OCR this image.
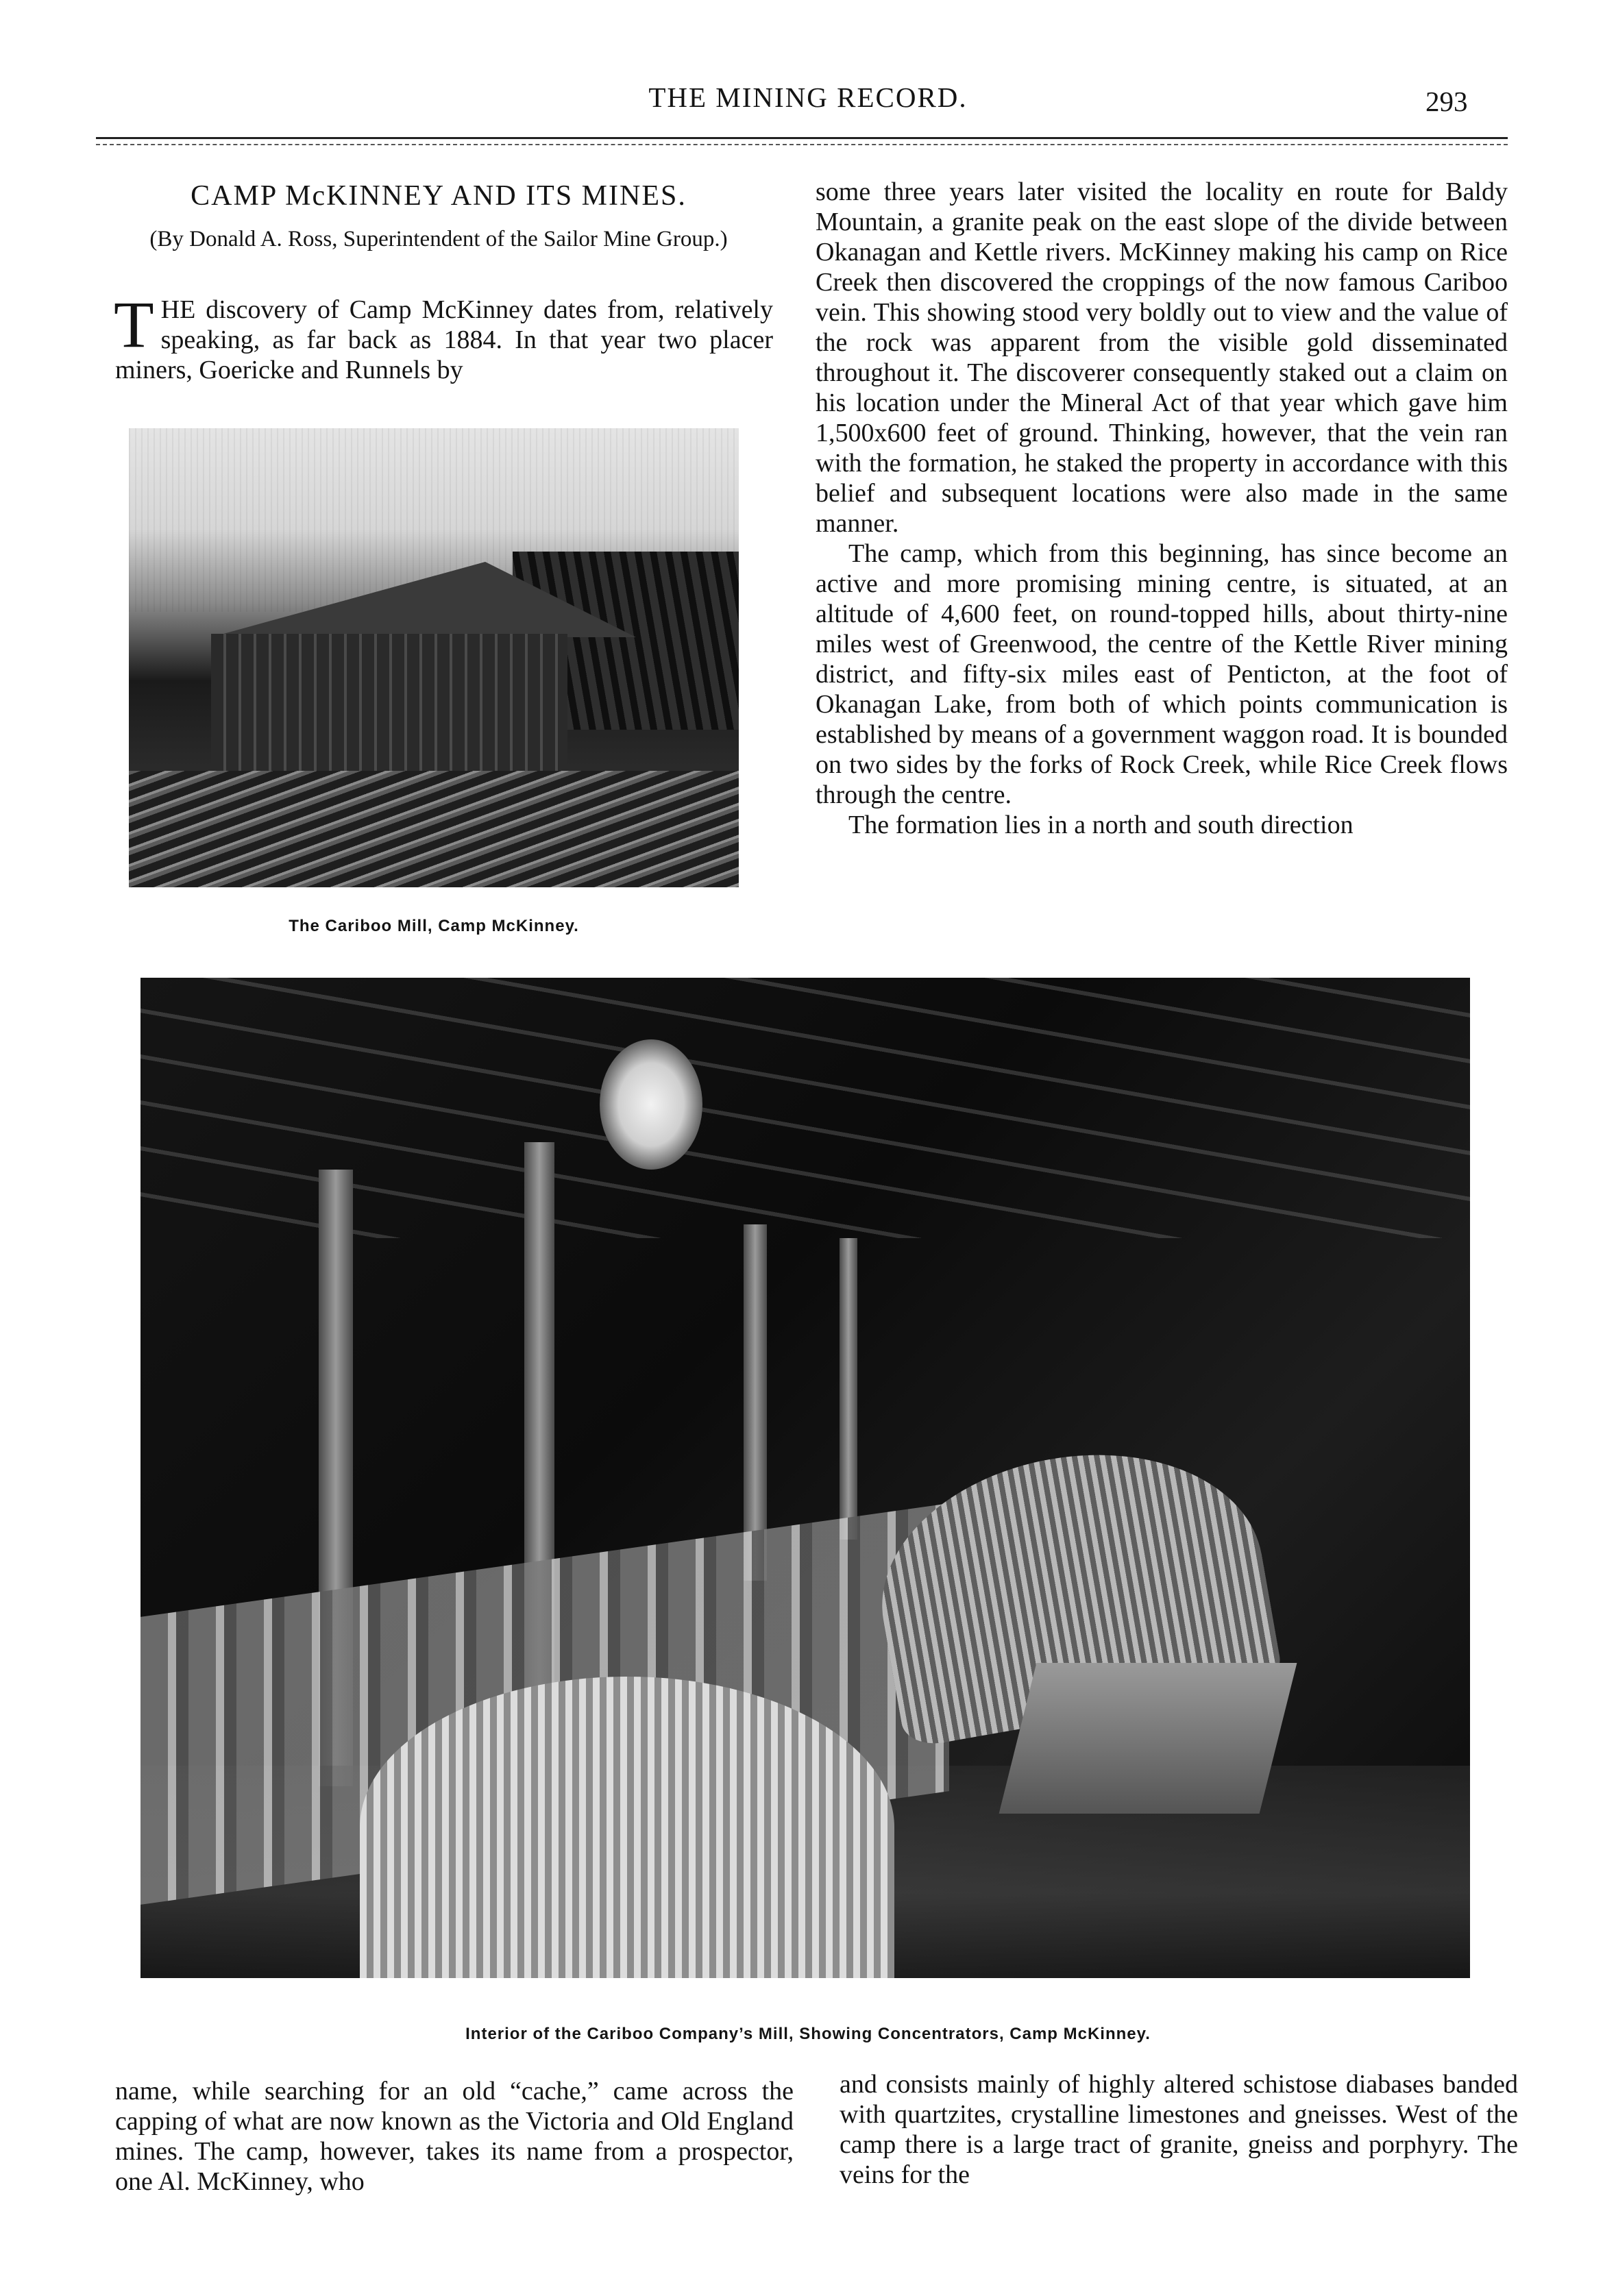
THE MINING RECORD.	293
CAMP McKINNEY AND ITS MINES.
(By Donald A. Ross, Superintendent of the Sailor Mine Group.)
T HE discovery of Camp McKinney dates from, relatively speaking, as far back as 1884. In that year two placer miners, Goericke and Runnels by

The Cariboo Mill, Camp McKinney.

some three years later visited the locality en route for Baldy Mountain, a granite peak on the east slope of the divide between Okanagan and Kettle rivers. McKinney making his camp on Rice Creek then discovered the croppings of the now famous Cariboo vein. This showing stood very boldly out to view and the value of the rock was apparent from the visible gold disseminated throughout it. The discoverer consequently staked out a claim on his location under the Mineral Act of that year which gave him 1,500x600 feet of ground. Thinking, however, that the vein ran with the formation, he staked the property in accordance with this belief and subsequent locations were also made in the same manner.

The camp, which from this beginning, has since become an active and more promising mining centre, is situated, at an altitude of 4,600 feet, on round-topped hills, about thirty-nine miles west of Greenwood, the centre of the Kettle River mining district, and fifty-six miles east of Penticton, at the foot of Okanagan Lake, from both of which points communication is established by means of a government waggon road. It is bounded on two sides by the forks of Rock Creek, while Rice Creek flows through the centre.

The formation lies in a north and south direction

Interior of the Cariboo Company’s Mill, Showing Concentrators, Camp McKinney.

name, while searching for an old “cache,” came across the capping of what are now known as the Victoria and Old England mines. The camp, however, takes its name from a prospector, one Al. McKinney, who

and consists mainly of highly altered schistose diabases banded with quartzites, crystalline limestones and gneisses. West of the camp there is a large tract of granite, gneiss and porphyry. The veins for the
